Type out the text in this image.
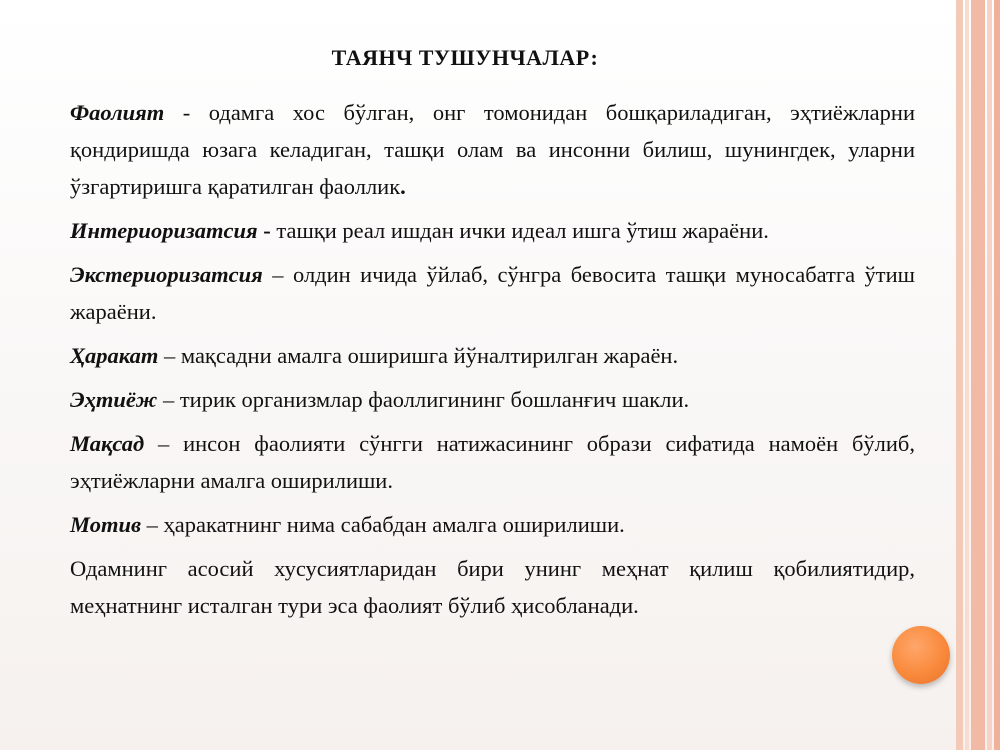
ТАЯНЧ ТУШУНЧАЛАР:

Фаолият - одамга хос бўлган, онг томонидан бошқариладиган, эҳтиёжларни қондиришда юзага келадиган, ташқи олам ва инсонни билиш, шунингдек, уларни ўзгартиришга қаратилган фаоллик.

Интериоризатсия - ташқи реал ишдан ички идеал ишга ўтиш жараёни.

Экстериоризатсия – олдин ичида ўйлаб, сўнгра бевосита ташқи муносабатга ўтиш жараёни.

Ҳаракат – мақсадни амалга оширишга йўналтирилган жараён.

Эҳтиёж – тирик организмлар фаоллигининг бошланғич шакли.

Мақсад – инсон фаолияти сўнгги натижасининг образи сифатида намоён бўлиб, эҳтиёжларни амалга оширилиши.

Мотив – ҳаракатнинг нима сабабдан амалга оширилиши.

Одамнинг асосий хусусиятларидан бири унинг меҳнат қилиш қобилиятидир, меҳнатнинг исталган тури эса фаолият бўлиб ҳисобланади.
